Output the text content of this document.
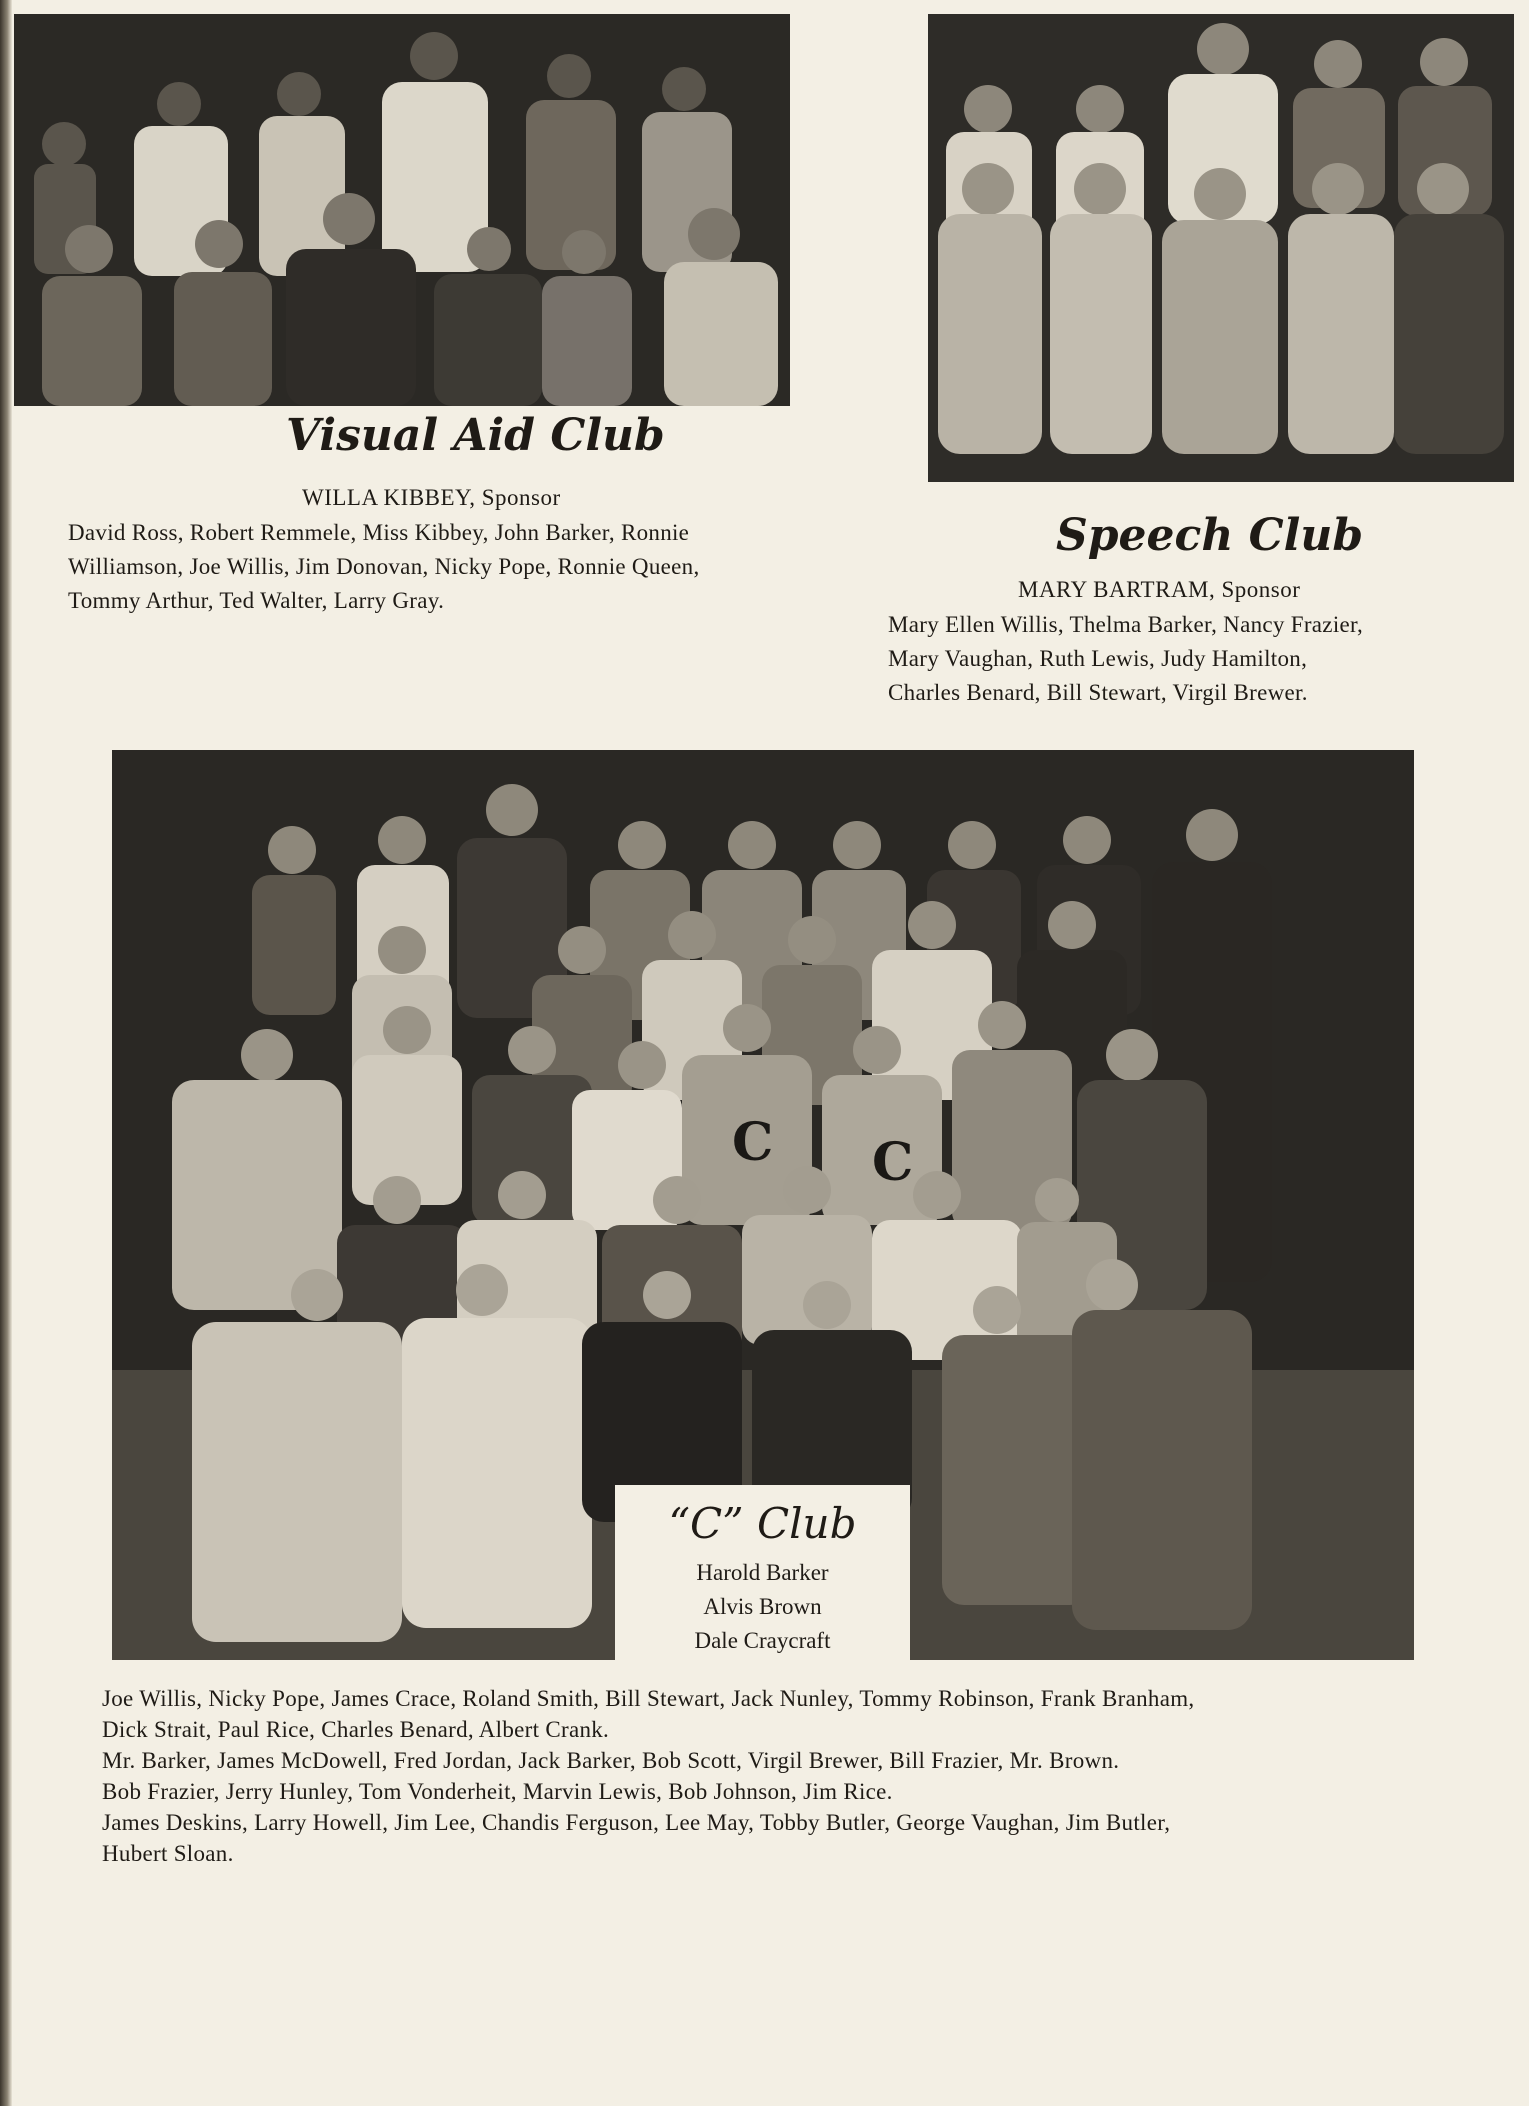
Visual Aid Club
WILLA KIBBEY, Sponsor

David Ross, Robert Remmele, Miss Kibbey, John Barker, Ronnie
Williamson, Joe Willis, Jim Donovan, Nicky Pope, Ronnie Queen,
Tommy Arthur, Ted Walter, Larry Gray.

Speech Club
MARY BARTRAM, Sponsor

Mary Ellen Willis, Thelma Barker, Nancy Frazier,
Mary Vaughan, Ruth Lewis, Judy Hamilton,
Charles Benard, Bill Stewart, Virgil Brewer.

C C
“C” Club
Harold Barker
Alvis Brown
Dale Craycraft

Joe Willis, Nicky Pope, James Crace, Roland Smith, Bill Stewart, Jack Nunley, Tommy Robinson, Frank Branham,
Dick Strait, Paul Rice, Charles Benard, Albert Crank.
Mr. Barker, James McDowell, Fred Jordan, Jack Barker, Bob Scott, Virgil Brewer, Bill Frazier, Mr. Brown.
Bob Frazier, Jerry Hunley, Tom Vonderheit, Marvin Lewis, Bob Johnson, Jim Rice.
James Deskins, Larry Howell, Jim Lee, Chandis Ferguson, Lee May, Tobby Butler, George Vaughan, Jim Butler,
Hubert Sloan.
